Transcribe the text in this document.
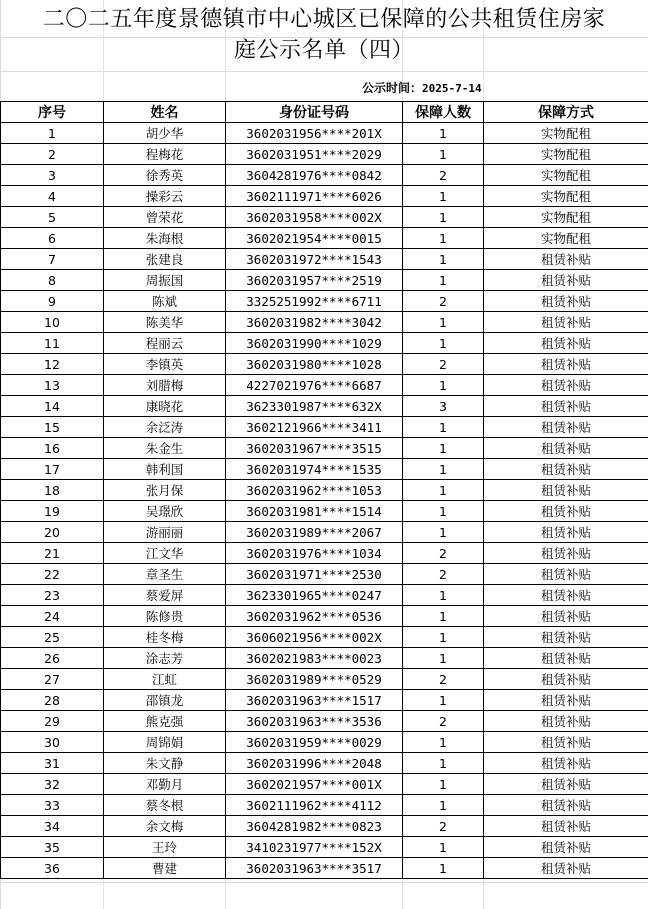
二〇二五年度景德镇市中心城区已保障的公共租赁住房家
庭公示名单（四）
公示时间：2025-7-14
序号	姓名	身份证号码	保障人数	保障方式
1	胡少华	3602031956****201X	1	实物配租
2	程梅花	3602031951****2029	1	实物配租
3	徐秀英	3604281976****0842	2	实物配租
4	操彩云	3602111971****6026	1	实物配租
5	曾荣花	3602031958****002X	1	实物配租
6	朱海根	3602021954****0015	1	实物配租
7	张建良	3602031972****1543	1	租赁补贴
8	周振国	3602031957****2519	1	租赁补贴
9	陈斌	3325251992****6711	2	租赁补贴
10	陈美华	3602031982****3042	1	租赁补贴
11	程丽云	3602031990****1029	1	租赁补贴
12	李镇英	3602031980****1028	2	租赁补贴
13	刘腊梅	4227021976****6687	1	租赁补贴
14	康晓花	3623301987****632X	3	租赁补贴
15	余泛涛	3602121966****3411	1	租赁补贴
16	朱金生	3602031967****3515	1	租赁补贴
17	韩利国	3602031974****1535	1	租赁补贴
18	张月保	3602031962****1053	1	租赁补贴
19	吴璟欣	3602031981****1514	1	租赁补贴
20	游丽丽	3602031989****2067	1	租赁补贴
21	江文华	3602031976****1034	2	租赁补贴
22	章圣生	3602031971****2530	2	租赁补贴
23	蔡爱屏	3623301965****0247	1	租赁补贴
24	陈修贵	3602031962****0536	1	租赁补贴
25	桂冬梅	3606021956****002X	1	租赁补贴
26	涂志芳	3602021983****0023	1	租赁补贴
27	江虹	3602031989****0529	2	租赁补贴
28	邵镇龙	3602031963****1517	1	租赁补贴
29	熊克强	3602031963****3536	2	租赁补贴
30	周锦娟	3602031959****0029	1	租赁补贴
31	朱文静	3602031996****2048	1	租赁补贴
32	邓勤月	3602021957****001X	1	租赁补贴
33	蔡冬根	3602111962****4112	1	租赁补贴
34	余文梅	3604281982****0823	2	租赁补贴
35	王玲	3410231977****152X	1	租赁补贴
36	曹建	3602031963****3517	1	租赁补贴
